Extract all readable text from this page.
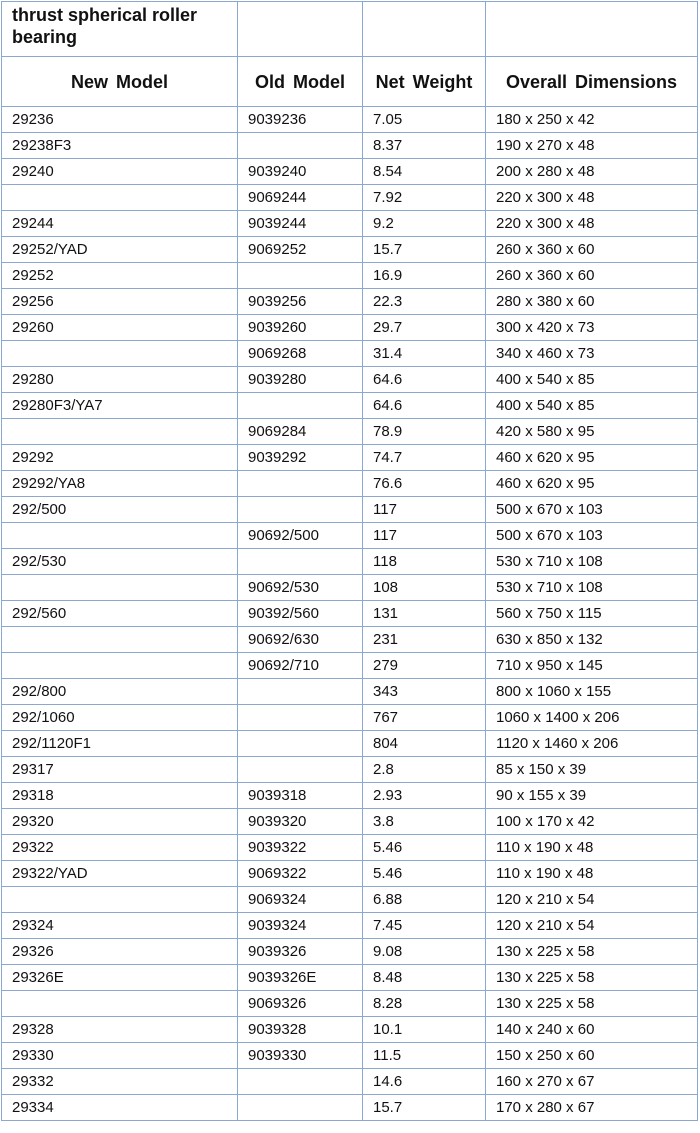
thrust spherical roller bearing			
New Model	Old Model	Net Weight	Overall Dimensions
29236	9039236	7.05	180 x 250 x 42
29238F3		8.37	190 x 270 x 48
29240	9039240	8.54	200 x 280 x 48
	9069244	7.92	220 x 300 x 48
29244	9039244	9.2	220 x 300 x 48
29252/YAD	9069252	15.7	260 x 360 x 60
29252		16.9	260 x 360 x 60
29256	9039256	22.3	280 x 380 x 60
29260	9039260	29.7	300 x 420 x 73
	9069268	31.4	340 x 460 x 73
29280	9039280	64.6	400 x 540 x 85
29280F3/YA7		64.6	400 x 540 x 85
	9069284	78.9	420 x 580 x 95
29292	9039292	74.7	460 x 620 x 95
29292/YA8		76.6	460 x 620 x 95
292/500		117	500 x 670 x 103
	90692/500	117	500 x 670 x 103
292/530		118	530 x 710 x 108
	90692/530	108	530 x 710 x 108
292/560	90392/560	131	560 x 750 x 115
	90692/630	231	630 x 850 x 132
	90692/710	279	710 x 950 x 145
292/800		343	800 x 1060 x 155
292/1060		767	1060 x 1400 x 206
292/1120F1		804	1120 x 1460 x 206
29317		2.8	85 x 150 x 39
29318	9039318	2.93	90 x 155 x 39
29320	9039320	3.8	100 x 170 x 42
29322	9039322	5.46	110 x 190 x 48
29322/YAD	9069322	5.46	110 x 190 x 48
	9069324	6.88	120 x 210 x 54
29324	9039324	7.45	120 x 210 x 54
29326	9039326	9.08	130 x 225 x 58
29326E	9039326E	8.48	130 x 225 x 58
	9069326	8.28	130 x 225 x 58
29328	9039328	10.1	140 x 240 x 60
29330	9039330	11.5	150 x 250 x 60
29332		14.6	160 x 270 x 67
29334		15.7	170 x 280 x 67
